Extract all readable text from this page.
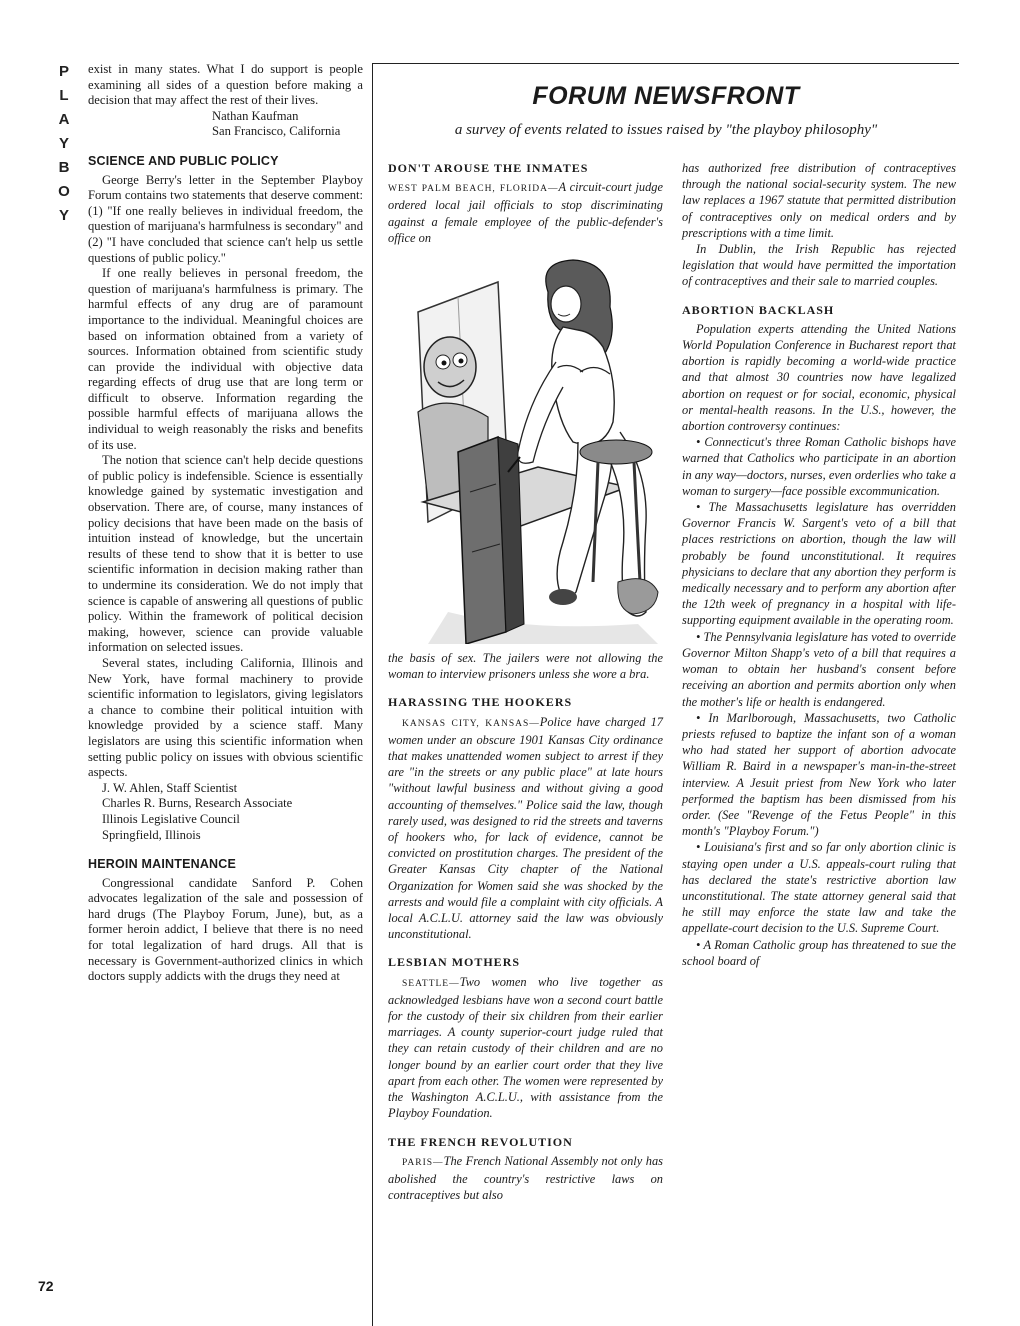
P
L
A
Y
B
O
Y
72

exist in many states. What I do support is people examining all sides of a question before making a decision that may affect the rest of their lives.

Nathan Kaufman

San Francisco, California

SCIENCE AND PUBLIC POLICY

George Berry's letter in the September Playboy Forum contains two statements that deserve comment: (1) "If one really believes in individual freedom, the question of marijuana's harmfulness is secondary" and (2) "I have concluded that science can't help us settle questions of public policy."

If one really believes in personal freedom, the question of marijuana's harmfulness is primary. The harmful effects of any drug are of paramount importance to the individual. Meaningful choices are based on information obtained from a variety of sources. Information obtained from scientific study can provide the individual with objective data regarding effects of drug use that are long term or difficult to observe. Information regarding the possible harmful effects of marijuana allows the individual to weigh reasonably the risks and benefits of its use.

The notion that science can't help decide questions of public policy is indefensible. Science is essentially knowledge gained by systematic investigation and observation. There are, of course, many instances of policy decisions that have been made on the basis of intuition instead of knowledge, but the uncertain results of these tend to show that it is better to use scientific information in decision making rather than to undermine its consideration. We do not imply that science is capable of answering all questions of public policy. Within the framework of political decision making, however, science can provide valuable information on selected issues.

Several states, including California, Illinois and New York, have formal machinery to provide scientific information to legislators, giving legislators a chance to combine their political intuition with knowledge provided by a science staff. Many legislators are using this scientific information when setting public policy on issues with obvious scientific aspects.

J. W. Ahlen, Staff Scientist

Charles R. Burns, Research Associate

Illinois Legislative Council

Springfield, Illinois

HEROIN MAINTENANCE

Congressional candidate Sanford P. Cohen advocates legalization of the sale and possession of hard drugs (The Playboy Forum, June), but, as a former heroin addict, I believe that there is no need for total legalization of hard drugs. All that is necessary is Government-authorized clinics in which doctors supply addicts with the drugs they need at

FORUM NEWSFRONT
a survey of events related to issues raised by "the playboy philosophy"
DON'T AROUSE THE INMATES

WEST PALM BEACH, FLORIDA—A circuit-court judge ordered local jail officials to stop discriminating against a female employee of the public-defender's office on

the basis of sex. The jailers were not allowing the woman to interview prisoners unless she wore a bra.

HARASSING THE HOOKERS

KANSAS CITY, KANSAS—Police have charged 17 women under an obscure 1901 Kansas City ordinance that makes unattended women subject to arrest if they are "in the streets or any public place" at late hours "without lawful business and without giving a good accounting of themselves." Police said the law, though rarely used, was designed to rid the streets and taverns of hookers who, for lack of evidence, cannot be convicted on prostitution charges. The president of the Greater Kansas City chapter of the National Organization for Women said she was shocked by the arrests and would file a complaint with city officials. A local A.C.L.U. attorney said the law was obviously unconstitutional.

LESBIAN MOTHERS

SEATTLE—Two women who live together as acknowledged lesbians have won a second court battle for the custody of their six children from their earlier marriages. A county superior-court judge ruled that they can retain custody of their children and are no longer bound by an earlier court order that they live apart from each other. The women were represented by the Washington A.C.L.U., with assistance from the Playboy Foundation.

THE FRENCH REVOLUTION

PARIS—The French National Assembly not only has abolished the country's restrictive laws on contraceptives but also

has authorized free distribution of contraceptives through the national social-security system. The new law replaces a 1967 statute that permitted distribution of contraceptives only on medical orders and by prescriptions with a time limit.

In Dublin, the Irish Republic has rejected legislation that would have permitted the importation of contraceptives and their sale to married couples.

ABORTION BACKLASH

Population experts attending the United Nations World Population Conference in Bucharest report that abortion is rapidly becoming a world-wide practice and that almost 30 countries now have legalized abortion on request or for social, economic, physical or mental-health reasons. In the U.S., however, the abortion controversy continues:

• Connecticut's three Roman Catholic bishops have warned that Catholics who participate in an abortion in any way—doctors, nurses, even orderlies who take a woman to surgery—face possible excommunication.

• The Massachusetts legislature has overridden Governor Francis W. Sargent's veto of a bill that places restrictions on abortion, though the law will probably be found unconstitutional. It requires physicians to declare that any abortion they perform is medically necessary and to perform any abortion after the 12th week of pregnancy in a hospital with life-supporting equipment available in the operating room.

• The Pennsylvania legislature has voted to override Governor Milton Shapp's veto of a bill that requires a woman to obtain her husband's consent before receiving an abortion and permits abortion only when the mother's life or health is endangered.

• In Marlborough, Massachusetts, two Catholic priests refused to baptize the infant son of a woman who had stated her support of abortion advocate William R. Baird in a newspaper's man-in-the-street interview. A Jesuit priest from New York who later performed the baptism has been dismissed from his order. (See "Revenge of the Fetus People" in this month's "Playboy Forum.")

• Louisiana's first and so far only abortion clinic is staying open under a U.S. appeals-court ruling that has declared the state's restrictive abortion law unconstitutional. The state attorney general said that he still may enforce the state law and take the appellate-court decision to the U.S. Supreme Court.

• A Roman Catholic group has threatened to sue the school board of
